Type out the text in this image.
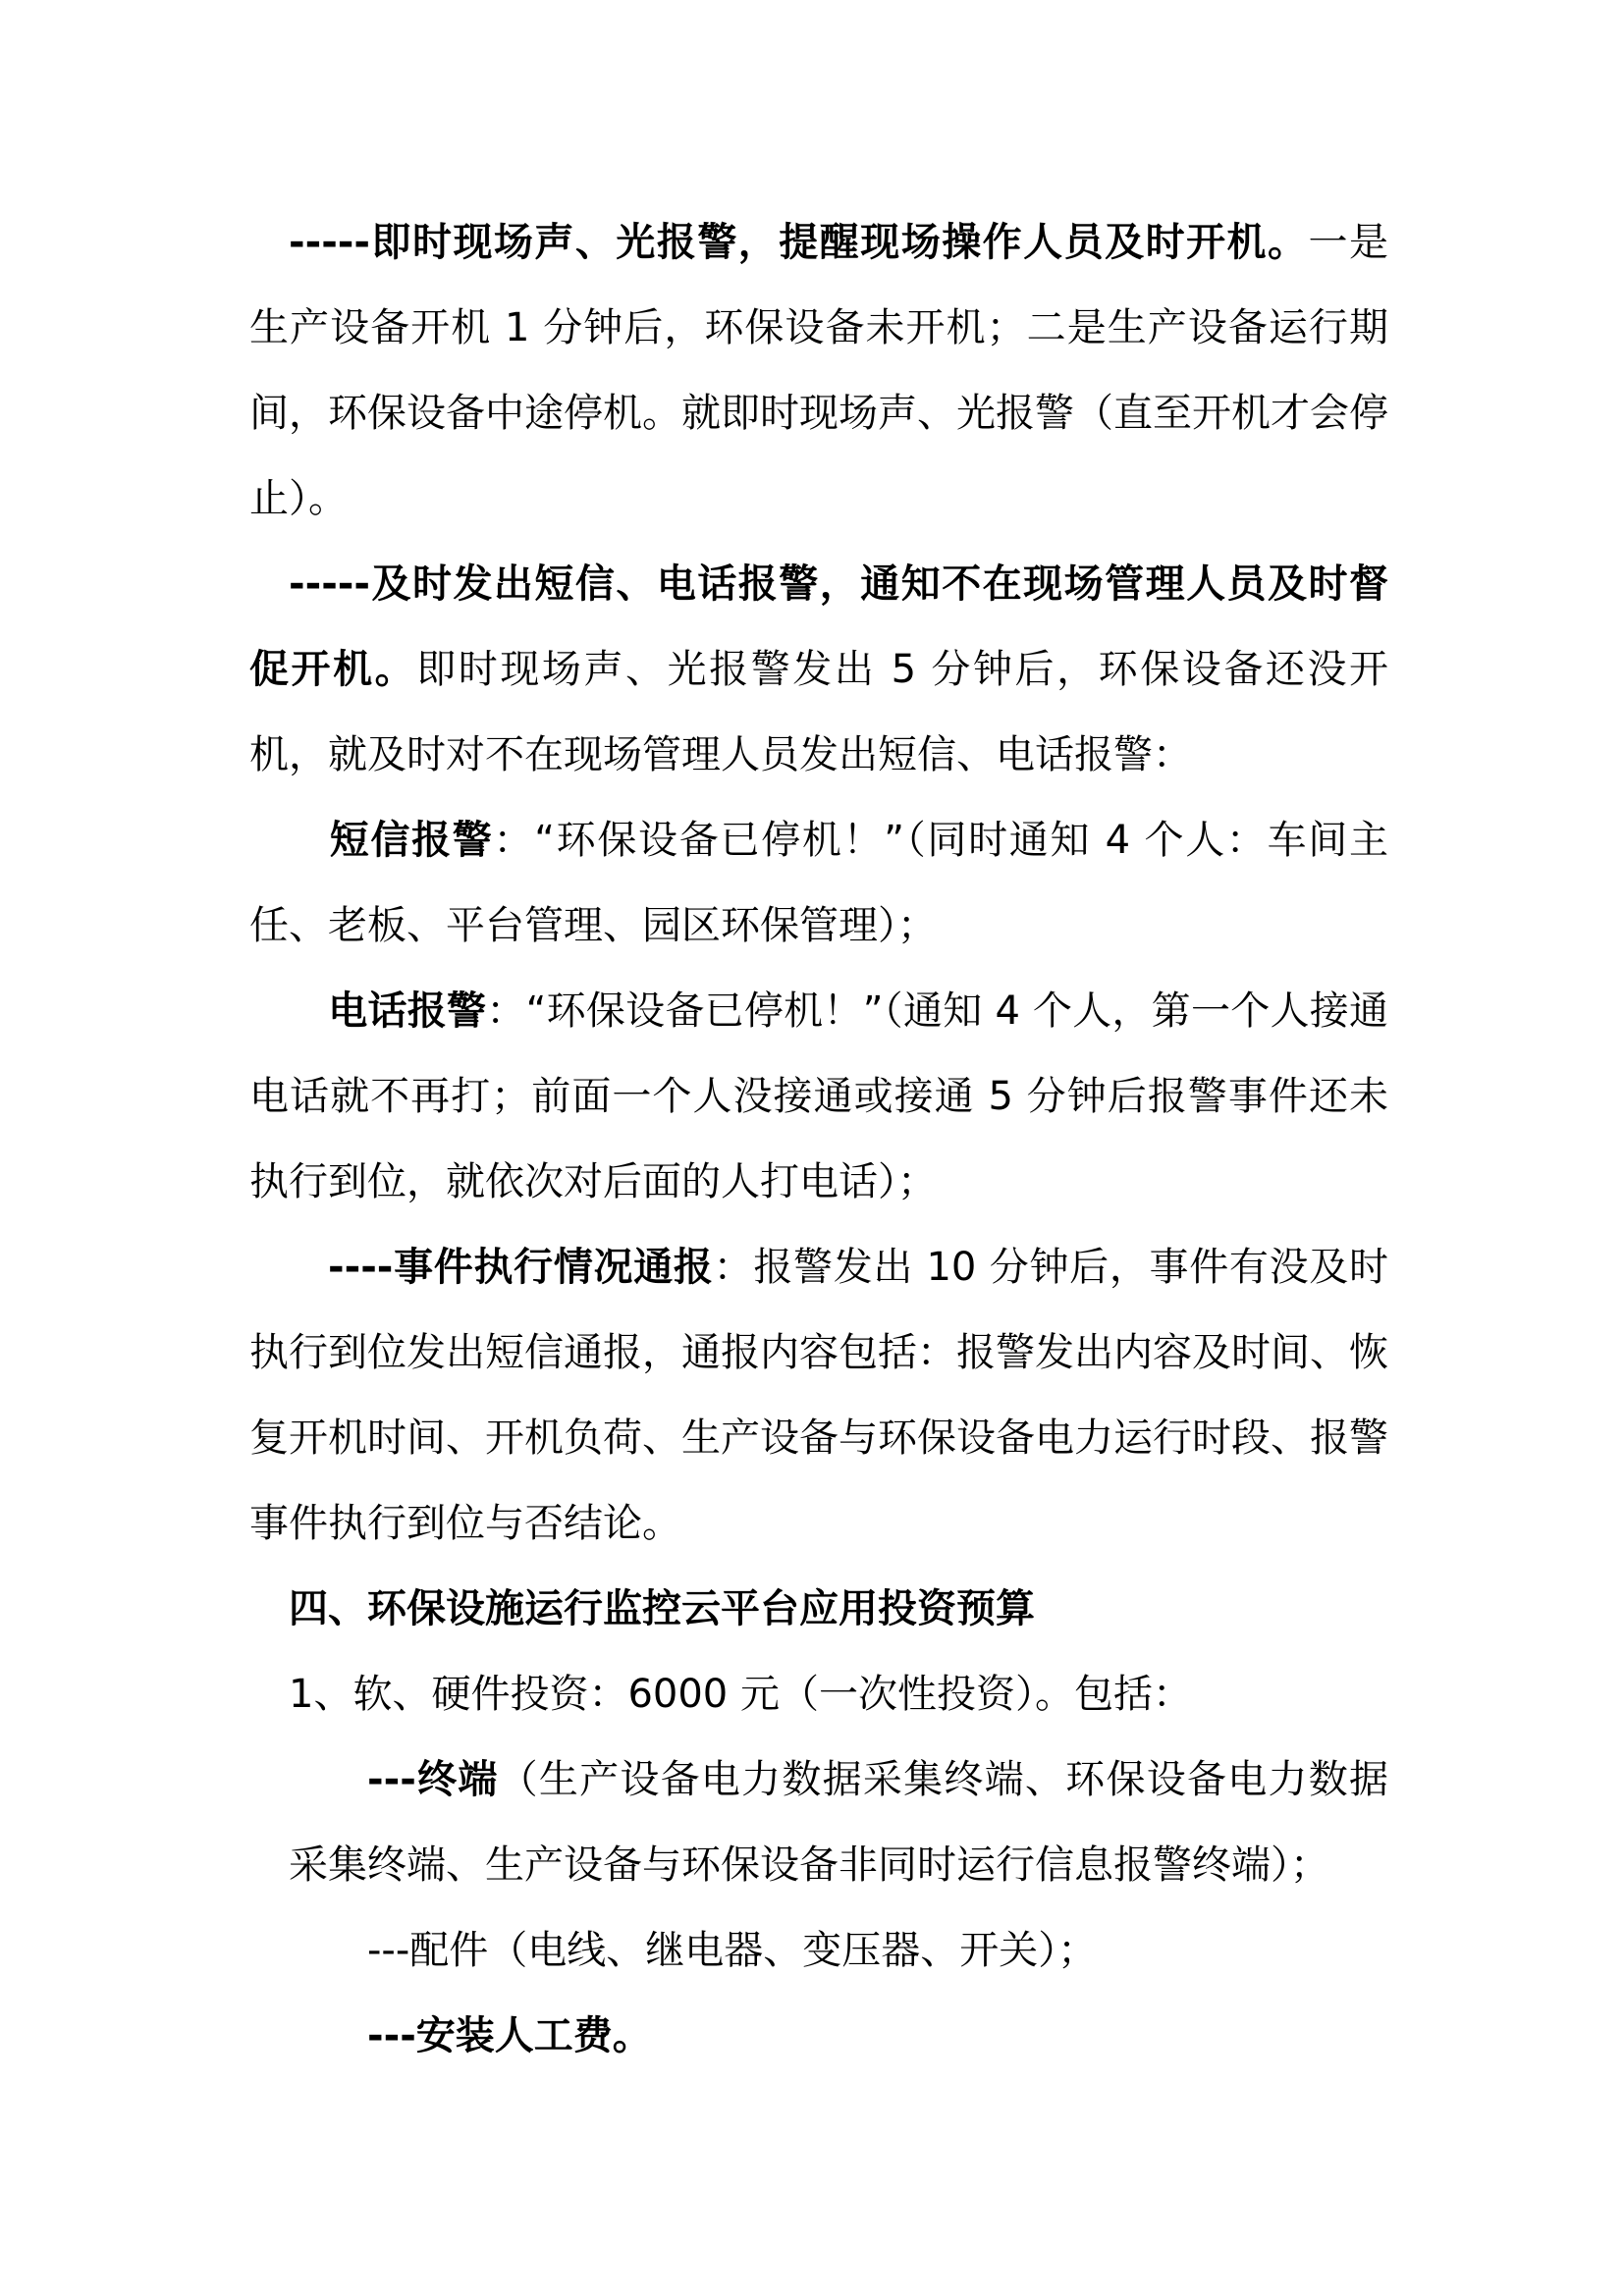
-----即时现场声、光报警，提醒现场操作人员及时开机。一是生产设备开机 1 分钟后，环保设备未开机；二是生产设备运行期间，环保设备中途停机。就即时现场声、光报警（直至开机才会停止）。

-----及时发出短信、电话报警，通知不在现场管理人员及时督促开机。即时现场声、光报警发出 5 分钟后，环保设备还没开机，就及时对不在现场管理人员发出短信、电话报警：

短信报警：“环保设备已停机！”（同时通知 4 个人：车间主任、老板、平台管理、园区环保管理）；

电话报警：“环保设备已停机！”（通知 4 个人，第一个人接通电话就不再打；前面一个人没接通或接通 5 分钟后报警事件还未执行到位，就依次对后面的人打电话）；

----事件执行情况通报：报警发出 10 分钟后，事件有没及时执行到位发出短信通报，通报内容包括：报警发出内容及时间、恢复开机时间、开机负荷、生产设备与环保设备电力运行时段、报警事件执行到位与否结论。

四、环保设施运行监控云平台应用投资预算

1、软、硬件投资：6000 元（一次性投资）。包括：

---终端（生产设备电力数据采集终端、环保设备电力数据采集终端、生产设备与环保设备非同时运行信息报警终端）；

---配件（电线、继电器、变压器、开关）；

---安装人工费。
